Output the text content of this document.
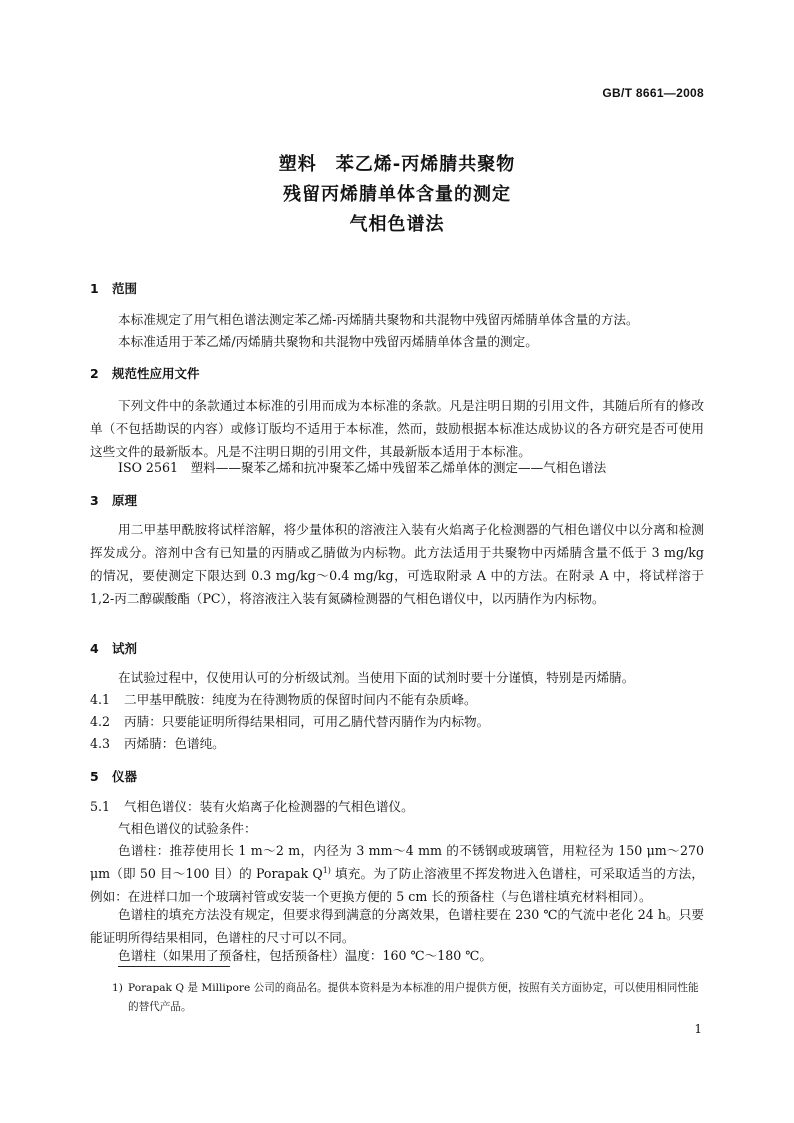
GB/T 8661—2008
塑料　苯乙烯-丙烯腈共聚物
残留丙烯腈单体含量的测定
气相色谱法
1 范围
本标准规定了用气相色谱法测定苯乙烯-丙烯腈共聚物和共混物中残留丙烯腈单体含量的方法。
本标准适用于苯乙烯/丙烯腈共聚物和共混物中残留丙烯腈单体含量的测定。
2 规范性应用文件
下列文件中的条款通过本标准的引用而成为本标准的条款。凡是注明日期的引用文件，其随后所有的修改单（不包括勘误的内容）或修订版均不适用于本标准，然而，鼓励根据本标准达成协议的各方研究是否可使用这些文件的最新版本。凡是不注明日期的引用文件，其最新版本适用于本标准。
ISO 2561　塑料——聚苯乙烯和抗冲聚苯乙烯中残留苯乙烯单体的测定——气相色谱法
3 原理
用二甲基甲酰胺将试样溶解，将少量体积的溶液注入装有火焰离子化检测器的气相色谱仪中以分离和检测挥发成分。溶剂中含有已知量的丙腈或乙腈做为内标物。此方法适用于共聚物中丙烯腈含量不低于 3 mg/kg 的情况，要使测定下限达到 0.3 mg/kg～0.4 mg/kg，可选取附录 A 中的方法。在附录 A 中，将试样溶于 1,2-丙二醇碳酸酯（PC），将溶液注入装有氮磷检测器的气相色谱仪中，以丙腈作为内标物。
4 试剂
在试验过程中，仅使用认可的分析级试剂。当使用下面的试剂时要十分谨慎，特别是丙烯腈。
4.1 二甲基甲酰胺：纯度为在待测物质的保留时间内不能有杂质峰。
4.2 丙腈：只要能证明所得结果相同，可用乙腈代替丙腈作为内标物。
4.3 丙烯腈：色谱纯。
5 仪器
5.1 气相色谱仪：装有火焰离子化检测器的气相色谱仪。
气相色谱仪的试验条件：
色谱柱：推荐使用长 1 m～2 m，内径为 3 mm～4 mm 的不锈钢或玻璃管，用粒径为 150 μm～270 μm（即 50 目～100 目）的 Porapak $Q^{1)}$ 填充。为了防止溶液里不挥发物进入色谱柱，可采取适当的方法，例如：在进样口加一个玻璃衬管或安装一个更换方便的 5 cm 长的预备柱（与色谱柱填充材料相同）。
色谱柱的填充方法没有规定，但要求得到满意的分离效果，色谱柱要在 230 ℃的气流中老化 24 h。只要能证明所得结果相同，色谱柱的尺寸可以不同。
色谱柱（如果用了预备柱，包括预备柱）温度：160 ℃～180 ℃。
1) Porapak Q 是 Millipore 公司的商品名。提供本资料是为本标准的用户提供方便，按照有关方面协定，可以使用相同性能的替代产品。
1
